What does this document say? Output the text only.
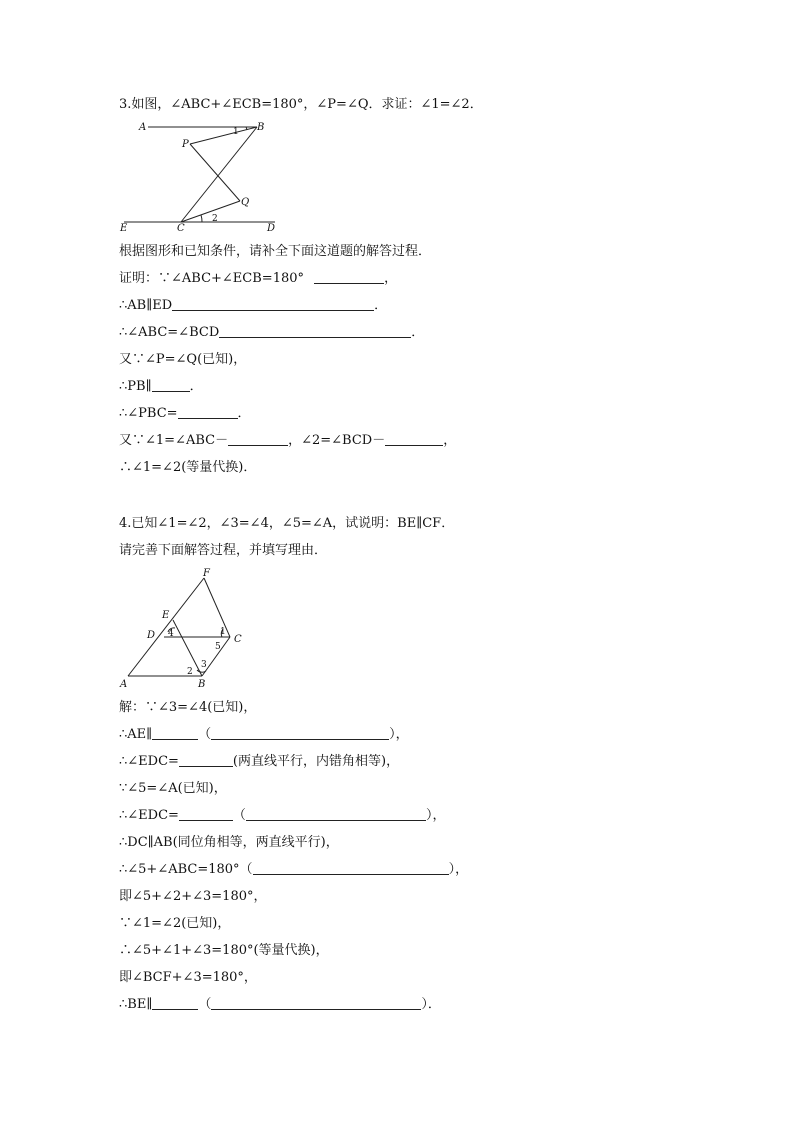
3.如图，∠ABC+∠ECB=180°，∠P=∠Q．求证：∠1=∠2．
A	B
P
Q
E	C	D
1
2
根据图形和已知条件，请补全下面这道题的解答过程．
证明：∵∠ABC+∠ECB=180°	，
∴AB∥ED	．
∴∠ABC=∠BCD	．
又∵∠P=∠Q(已知)，
∴PB∥	．
∴∠PBC=	．
又∵∠1=∠ABC－	，∠2=∠BCD－	，
∴∠1=∠2(等量代换)．
4.已知∠1=∠2，∠3=∠4，∠5=∠A，试说明：BE∥CF．
请完善下面解答过程，并填写理由．
F
E
D	C
A	B
1
2
3
4
5
解：∵∠3=∠4(已知)，
∴AE∥	（	），
∴∠EDC=	(两直线平行，内错角相等)，
∵∠5=∠A(已知)，
∴∠EDC=	（	），
∴DC∥AB(同位角相等，两直线平行)，
∴∠5+∠ABC=180°（	），
即∠5+∠2+∠3=180°，
∵∠1=∠2(已知)，
∴∠5+∠1+∠3=180°(等量代换)，
即∠BCF+∠3=180°，
∴BE∥	（	）．
